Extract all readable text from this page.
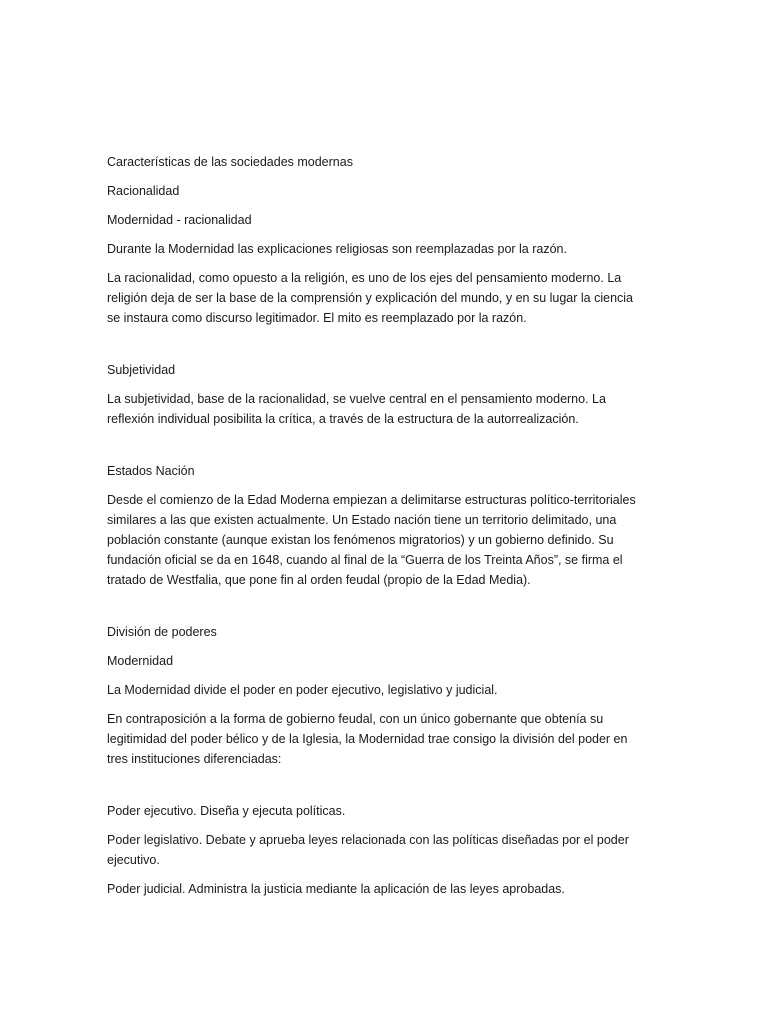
Características de las sociedades modernas

Racionalidad

Modernidad - racionalidad

Durante la Modernidad las explicaciones religiosas son reemplazadas por la razón.

La racionalidad, como opuesto a la religión, es uno de los ejes del pensamiento moderno. La religión deja de ser la base de la comprensión y explicación del mundo, y en su lugar la ciencia se instaura como discurso legitimador. El mito es reemplazado por la razón.

Subjetividad

La subjetividad, base de la racionalidad, se vuelve central en el pensamiento moderno. La reflexión individual posibilita la crítica, a través de la estructura de la autorrealización.

Estados Nación

Desde el comienzo de la Edad Moderna empiezan a delimitarse estructuras político-territoriales similares a las que existen actualmente. Un Estado nación tiene un territorio delimitado, una población constante (aunque existan los fenómenos migratorios) y un gobierno definido. Su fundación oficial se da en 1648, cuando al final de la “Guerra de los Treinta Años”, se firma el tratado de Westfalia, que pone fin al orden feudal (propio de la Edad Media).

División de poderes

Modernidad

La Modernidad divide el poder en poder ejecutivo, legislativo y judicial.

En contraposición a la forma de gobierno feudal, con un único gobernante que obtenía su legitimidad del poder bélico y de la Iglesia, la Modernidad trae consigo la división del poder en tres instituciones diferenciadas:

Poder ejecutivo. Diseña y ejecuta políticas.

Poder legislativo. Debate y aprueba leyes relacionada con las políticas diseñadas por el poder ejecutivo.

Poder judicial. Administra la justicia mediante la aplicación de las leyes aprobadas.
